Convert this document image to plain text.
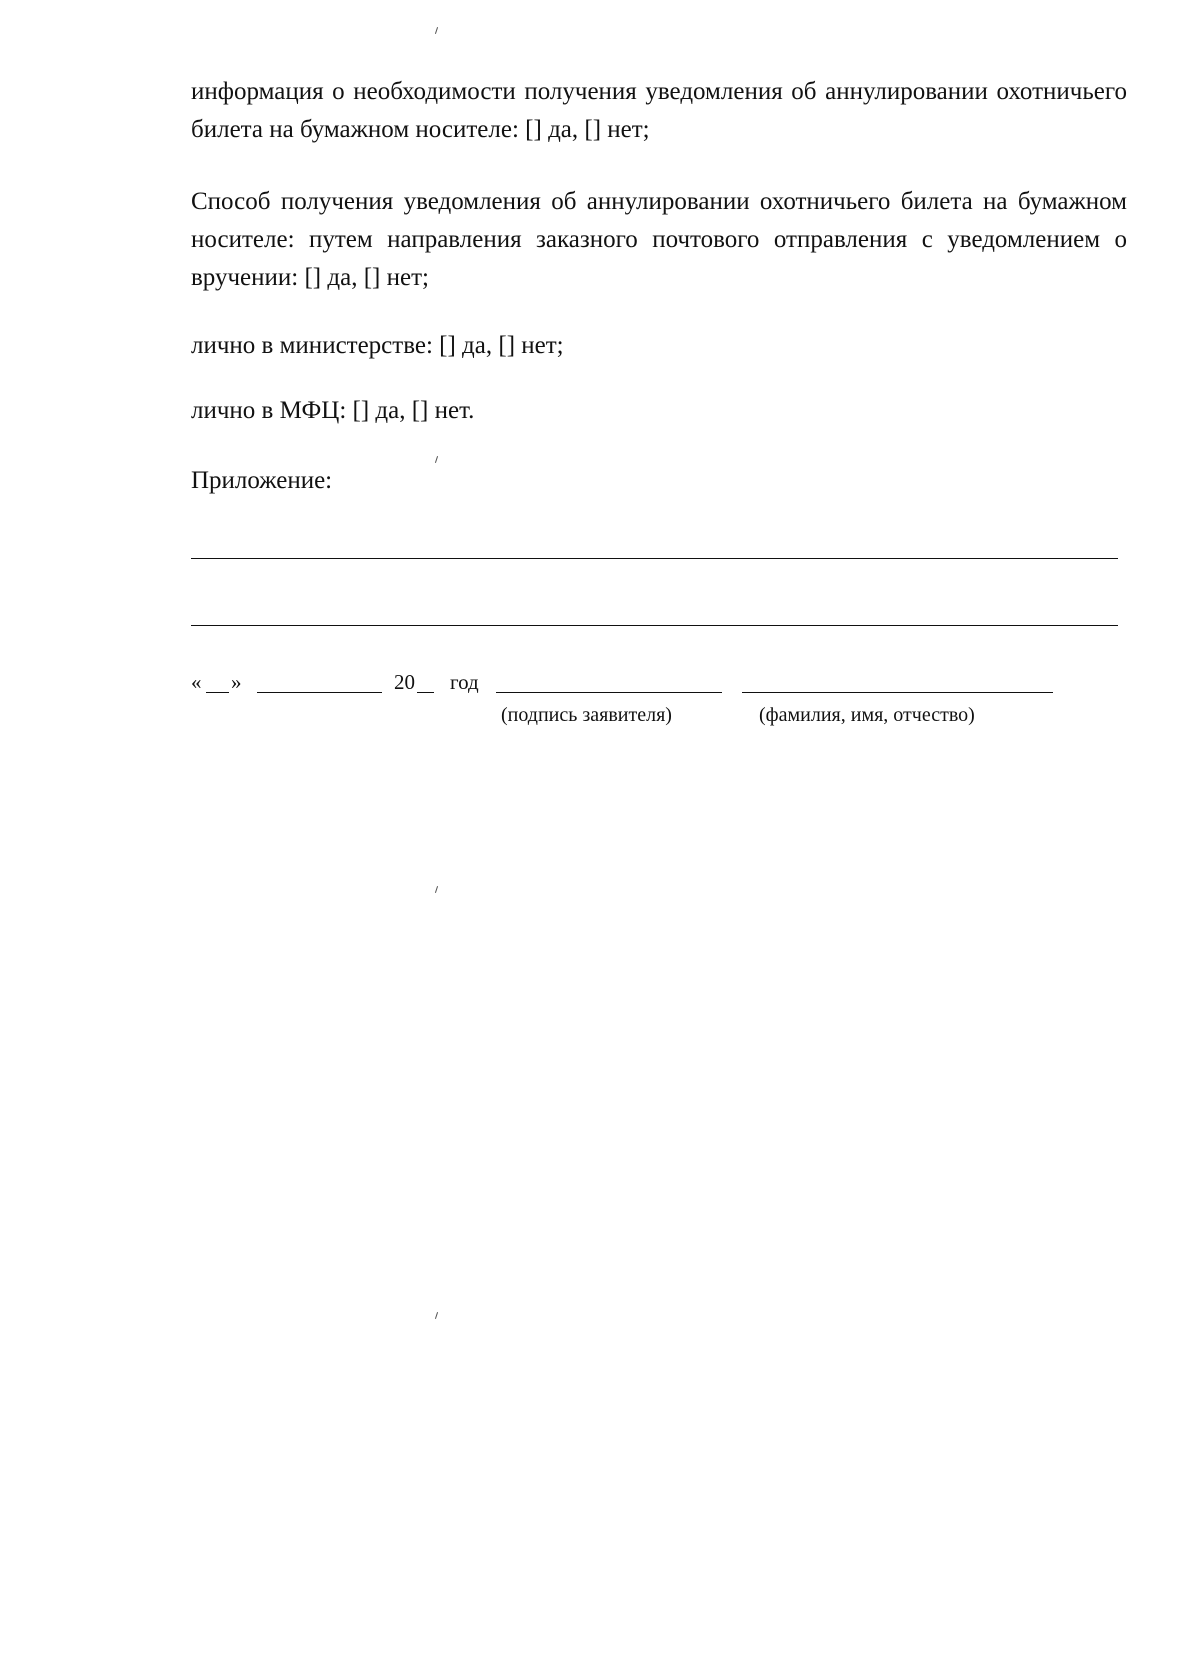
информация о необходимости получения уведомления об аннулировании охотничьего билета на бумажном носителе: [] да, [] нет;

Способ получения уведомления об аннулировании охотничьего билета на бумажном носителе: путем направления заказного почтового отправления с уведомлением о вручении: [] да, [] нет;

лично в министерстве: [] да, [] нет;

лично в МФЦ: [] да, [] нет.

Приложение:

« »	20 год
(подпись заявителя)	(фамилия, имя, отчество)
